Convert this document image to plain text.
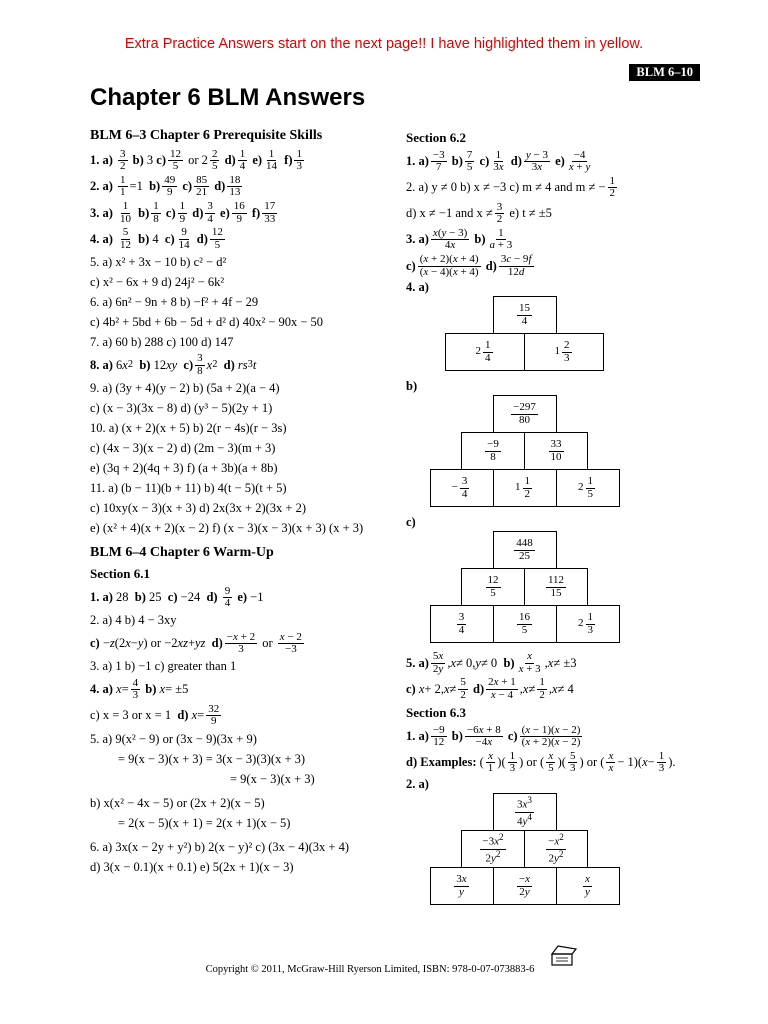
Extra Practice Answers start on the next page!! I have highlighted them in yellow.
BLM 6–10
Chapter 6 BLM Answers
BLM 6–3 Chapter 6 Prerequisite Skills
1. a)
$\frac{3}{2}$
b) 3 $c) \frac{12}{5}$ or $2 \frac{2}{5}$
$d) \frac{1}{4}$
$e) \frac{1}{14}$
$f) \frac{1}{3}$
2. a)
$\frac{1}{1} =1$ $b) \frac{49}{9}$
$c) \frac{85}{21}$
$d) \frac{18}{13}$
3. a)
$\frac{1}{10}$
$b) \frac{1}{8}$
$c) \frac{1}{9}$
$d) \frac{3}{4}$
$e) \frac{16}{9}$
$f) \frac{17}{33}$
4. a)
$\frac{5}{12}$
b) 4 $c) \frac{9}{14}$
$d) \frac{12}{5}$
5. a) x² + 3x − 10 b) c² − d²
c) x² − 6x + 9 d) 24j² − 6k²
6. a) 6n² − 9n + 8 b) −f² + 4f − 29
c) 4b² + 5bd + 6b − 5d + d² d) 40x² − 90x − 50
7. a) 60 b) 288 c) 100 d) 147
8. a) 6 x 2
b) 12 xy
$c) \frac{3}{8}$ x 2
d)
rs 3 t
9. a) (3y + 4)(y − 2) b) (5a + 2)(a − 4)
c) (x − 3)(3x − 8) d) (y³ − 5)(2y + 1)
10. a) (x + 2)(x + 5) b) 2(r − 4s)(r − 3s)
c) (4x − 3)(x − 2) d) (2m − 3)(m + 3)
e) (3q + 2)(4q + 3) f) (a + 3b)(a + 8b)
11. a) (b − 11)(b + 11) b) 4(t − 5)(t + 5)
c) 10xy(x − 3)(x + 3) d) 2x(3x + 2)(3x + 2)
e) (x² + 4)(x + 2)(x − 2) f) (x − 3)(x − 3)(x + 3) (x + 3)
BLM 6–4 Chapter 6 Warm-Up
Section 6.1
1. a) 28 b) 25 c) −24 d)
$\frac{9}{4}$
e) −1
2. a) 4 b) 4 − 3xy
c) − z (2 x − y ) or −2 xz + yz
$d) \frac{-x + 2}{3}$ or $\frac{x - 2}{-3}$
3. a) 1 b) −1 c) greater than 1
4. a)
$x = \frac{4}{3}$
b)
x = ±5
c) x = 3 or x = 1
d)
$x = \frac{32}{9}$
5. a) 9(x² − 9) or (3x − 9)(3x + 9)
= 9(x − 3)(x + 3) = 3(x − 3)(3)(x + 3)
= 9(x − 3)(x + 3)
b) x(x² − 4x − 5) or (2x + 2)(x − 5)
= 2(x − 5)(x + 1) = 2(x + 1)(x − 5)
6. a) 3x(x − 2y + y²) b) 2(x − y)² c) (3x − 4)(3x + 4)
d) 3(x − 0.1)(x + 0.1) e) 5(2x + 1)(x − 3)
Section 6.2
1. $a) \frac{-3}{7}$
$b) \frac{7}{5}$
$c) \frac{1}{3x}$
$d) \frac{y - 3}{3x}$
$e) \frac{-4}{x + y}$
2. a) y ≠ 0 b) x ≠ −3 c) m ≠ 4 and m ≠ − $\frac{1}{2}$
d) x ≠ −1 and $x \ne \frac{3}{2}$
e) t ≠ ±5
3. $a) \frac{x(y - 3)}{4x}$
$b) \frac{1}{a + 3}$
$c) \frac{(x + 2)(x + 4)}{(x - 4)(x + 4)}$
$d) \frac{3c - 9f}{12d}$
4. a)
$\frac{15}{4}$
$2 \frac{1}{4}$	$1 \frac{2}{3}$
b)
$\frac{-297}{80}$
$\frac{-9}{8}$	$\frac{33}{10}$
− $\frac{3}{4}$	$1 \frac{1}{2}$	$2 \frac{1}{5}$
c)
$\frac{448}{25}$
$\frac{12}{5}$	$\frac{112}{15}$
$\frac{3}{4}$	$\frac{16}{5}$	$2 \frac{1}{3}$
5. $a) \frac{5x}{2y}$ , x ≠ 0, y ≠ 0 $b) \frac{x}{x + 3}$ , x ≠ ±3
c)
x + 2, $x \ne \frac{5}{2}$
$d) \frac{2x + 1}{x - 4}$ , $x \ne \frac{1}{2}$ , x ≠ 4
Section 6.3
1. $a) \frac{-9}{12}$
$b) \frac{-6x + 8}{-4x}$
$c) \frac{(x - 1)(x - 2)}{(x + 2)(x - 2)}$
d) Examples: ( $\frac{x}{1}$ )( $\frac{1}{3}$ ) or ( $\frac{x}{5}$ )( $\frac{5}{3}$ ) or ( $\frac{x}{x} - 1$)( $x - \frac{1}{3}$ ).
2. a)
$\frac{3x^3}{4y^4}$
$\frac{-3x^2}{2y^2}$	$\frac{-x^2}{2y^2}$
$\frac{3x}{y}$	$\frac{-x}{2y}$	$\frac{x}{y}$
Copyright © 2011, McGraw-Hill Ryerson Limited, ISBN: 978-0-07-073883-6
